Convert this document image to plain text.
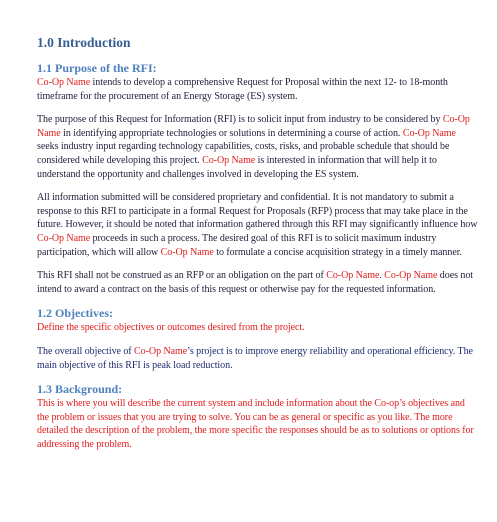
1.0 Introduction
1.1 Purpose of the RFI:

Co-Op Name intends to develop a comprehensive Request for Proposal within the next 12- to 18-month timeframe for the procurement of an Energy Storage (ES) system.

The purpose of this Request for Information (RFI) is to solicit input from industry to be considered by Co-Op Name in identifying appropriate technologies or solutions in determining a course of action. Co-Op Name seeks industry input regarding technology capabilities, costs, risks, and probable schedule that should be considered while developing this project. Co-Op Name is interested in information that will help it to understand the opportunity and challenges involved in developing the ES system.

All information submitted will be considered proprietary and confidential. It is not mandatory to submit a response to this RFI to participate in a formal Request for Proposals (RFP) process that may take place in the future. However, it should be noted that information gathered through this RFI may significantly influence how Co-Op Name proceeds in such a process. The desired goal of this RFI is to solicit maximum industry participation, which will allow Co-Op Name to formulate a concise acquisition strategy in a timely manner.

This RFI shall not be construed as an RFP or an obligation on the part of Co-Op Name. Co-Op Name does not intend to award a contract on the basis of this request or otherwise pay for the requested information.

1.2 Objectives:

Define the specific objectives or outcomes desired from the project.

The overall objective of Co-Op Name’s project is to improve energy reliability and operational efficiency. The main objective of this RFI is peak load reduction.

1.3 Background:

This is where you will describe the current system and include information about the Co-op’s objectives and the problem or issues that you are trying to solve. You can be as general or specific as you like. The more detailed the description of the problem, the more specific the responses should be as to solutions or options for addressing the problem.
